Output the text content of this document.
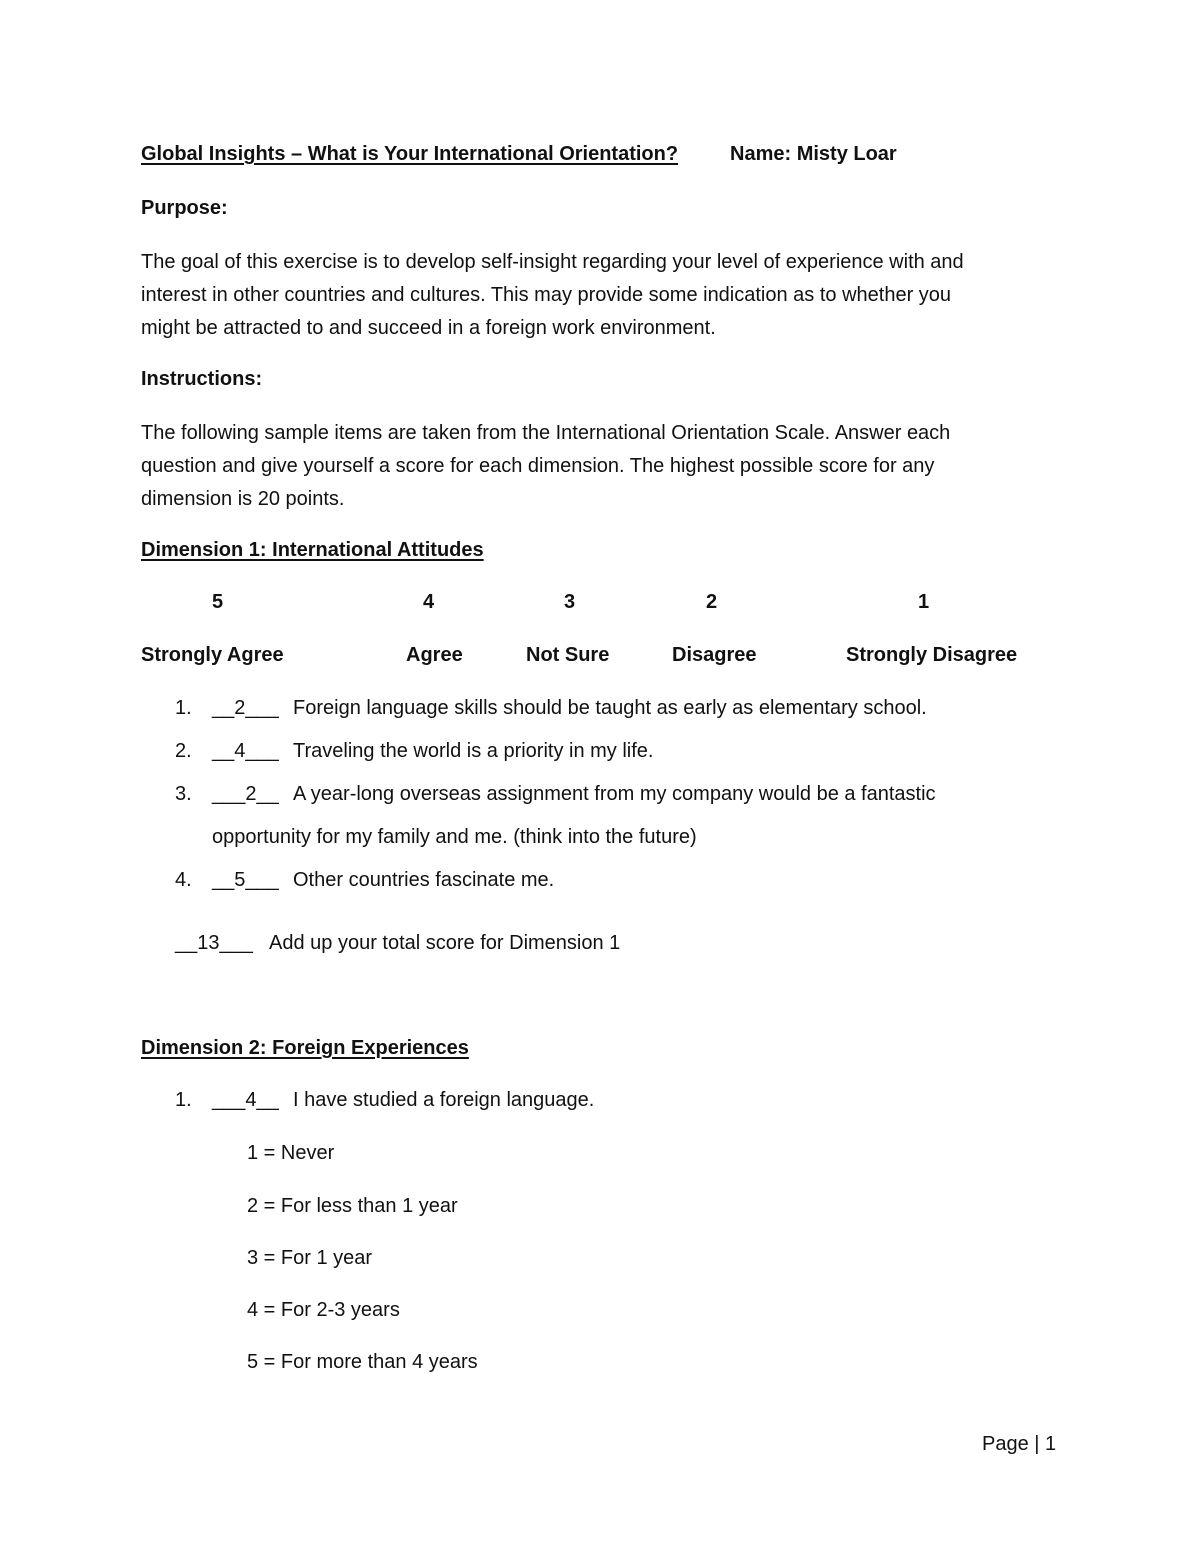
Global Insights – What is Your International Orientation?	Name: Misty Loar
Purpose:
The goal of this exercise is to develop self-insight regarding your level of experience with and
interest in other countries and cultures. This may provide some indication as to whether you
might be attracted to and succeed in a foreign work environment.
Instructions:
The following sample items are taken from the International Orientation Scale. Answer each
question and give yourself a score for each dimension. The highest possible score for any
dimension is 20 points.
Dimension 1: International Attitudes
5	4	3	2	1
Strongly Agree	Agree	Not Sure	Disagree	Strongly Disagree
1. __2___ Foreign language skills should be taught as early as elementary school.
2. __4___ Traveling the world is a priority in my life.
3. ___2__ A year-long overseas assignment from my company would be a fantastic
opportunity for my family and me. (think into the future)
4. __5___ Other countries fascinate me.
__13___ Add up your total score for Dimension 1
Dimension 2: Foreign Experiences
1. ___4__ I have studied a foreign language.
1 = Never
2 = For less than 1 year
3 = For 1 year
4 = For 2-3 years
5 = For more than 4 years
Page | 1
